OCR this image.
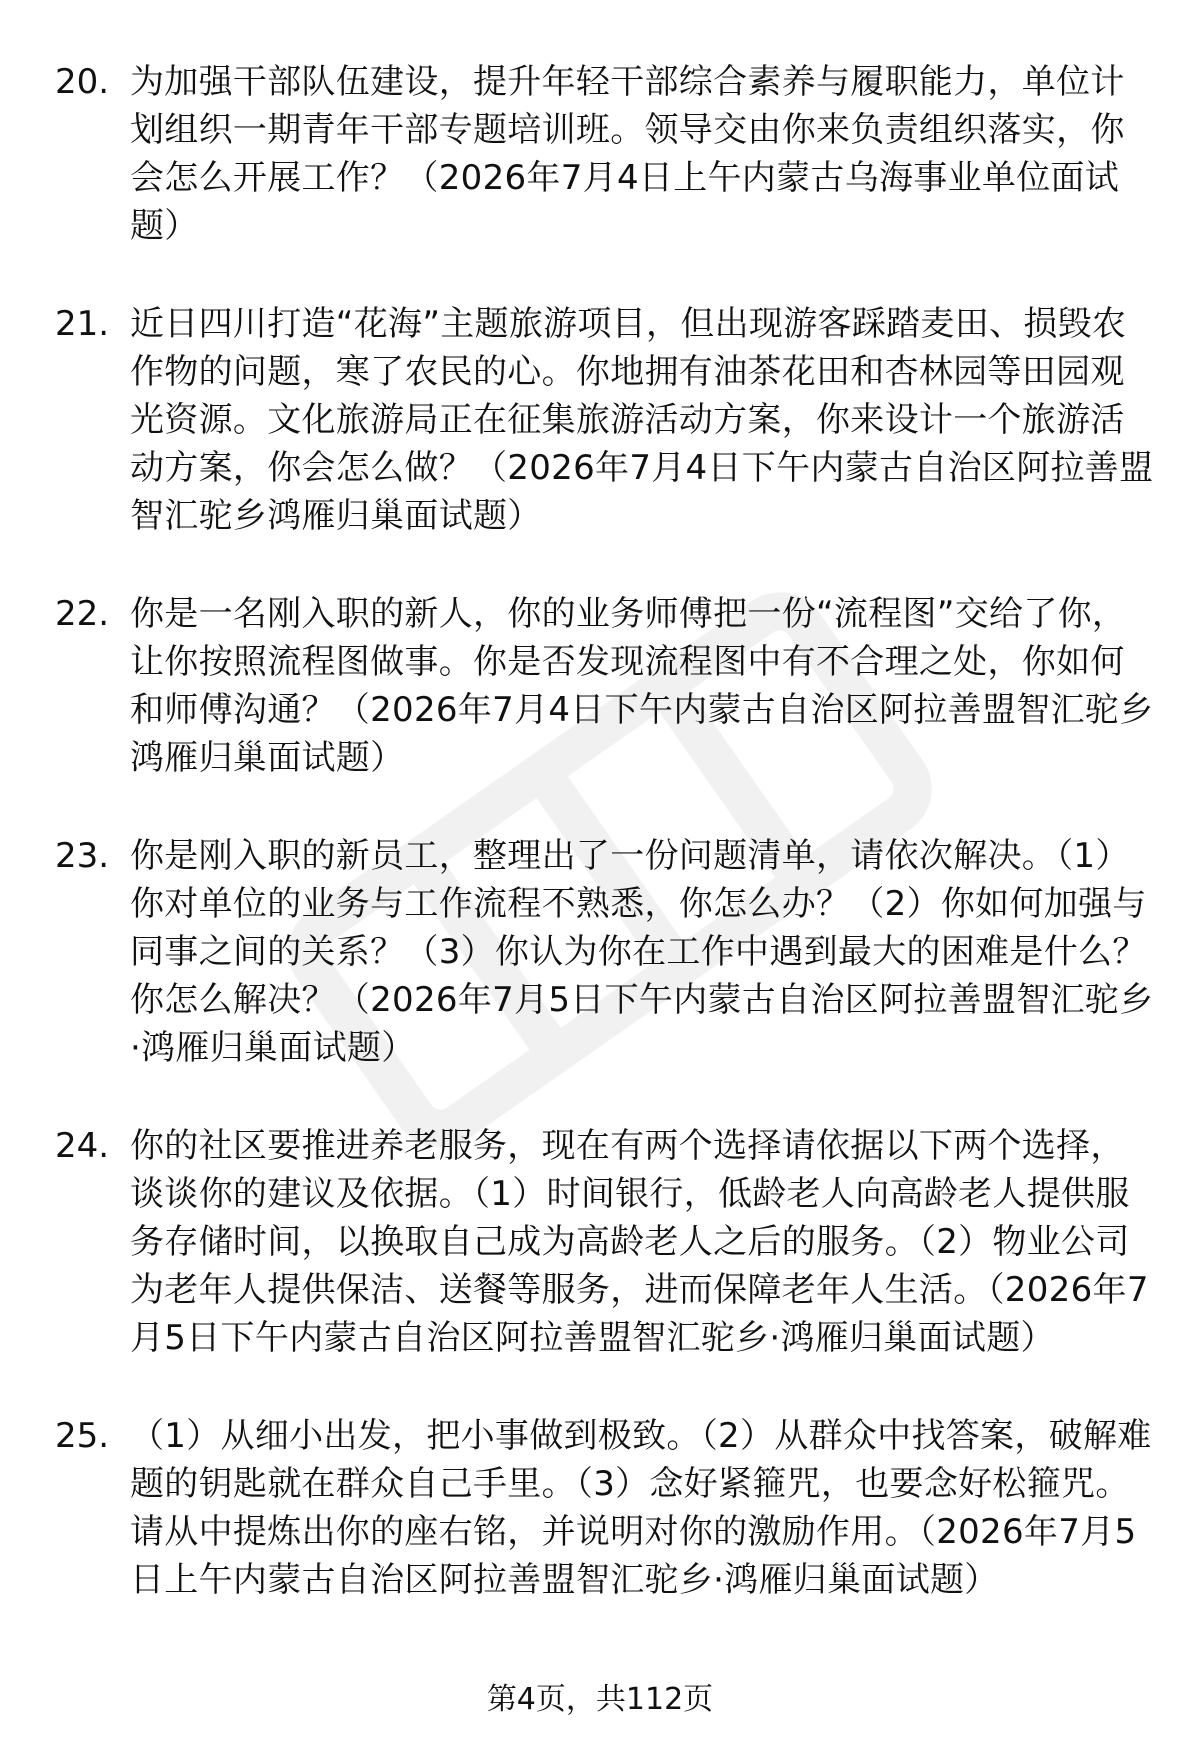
20. 为加强干部队伍建设，提升年轻干部综合素养与履职能力，单位计划组织一期青年干部专题培训班。领导交由你来负责组织落实，你会怎么开展工作？（2026年7月4日上午内蒙古乌海事业单位面试题）
21. 近日四川打造“花海”主题旅游项目，但出现游客踩踏麦田、损毁农作物的问题，寒了农民的心。你地拥有油茶花田和杏林园等田园观光资源。文化旅游局正在征集旅游活动方案，你来设计一个旅游活动方案，你会怎么做？（2026年7月4日下午内蒙古自治区阿拉善盟智汇驼乡鸿雁归巢面试题）
22. 你是一名刚入职的新人，你的业务师傅把一份“流程图”交给了你，让你按照流程图做事。你是否发现流程图中有不合理之处，你如何和师傅沟通？（2026年7月4日下午内蒙古自治区阿拉善盟智汇驼乡鸿雁归巢面试题）
23. 你是刚入职的新员工，整理出了一份问题清单，请依次解决。（1）你对单位的业务与工作流程不熟悉，你怎么办？（2）你如何加强与同事之间的关系？（3）你认为你在工作中遇到最大的困难是什么？你怎么解决？（2026年7月5日下午内蒙古自治区阿拉善盟智汇驼乡·鸿雁归巢面试题）
24. 你的社区要推进养老服务，现在有两个选择请依据以下两个选择，谈谈你的建议及依据。（1）时间银行，低龄老人向高龄老人提供服务存储时间，以换取自己成为高龄老人之后的服务。（2）物业公司为老年人提供保洁、送餐等服务，进而保障老年人生活。（2026年7月5日下午内蒙古自治区阿拉善盟智汇驼乡·鸿雁归巢面试题）
25. （1）从细小出发，把小事做到极致。（2）从群众中找答案，破解难题的钥匙就在群众自己手里。（3）念好紧箍咒，也要念好松箍咒。请从中提炼出你的座右铭，并说明对你的激励作用。（2026年7月5日上午内蒙古自治区阿拉善盟智汇驼乡·鸿雁归巢面试题）
第4页，共112页
